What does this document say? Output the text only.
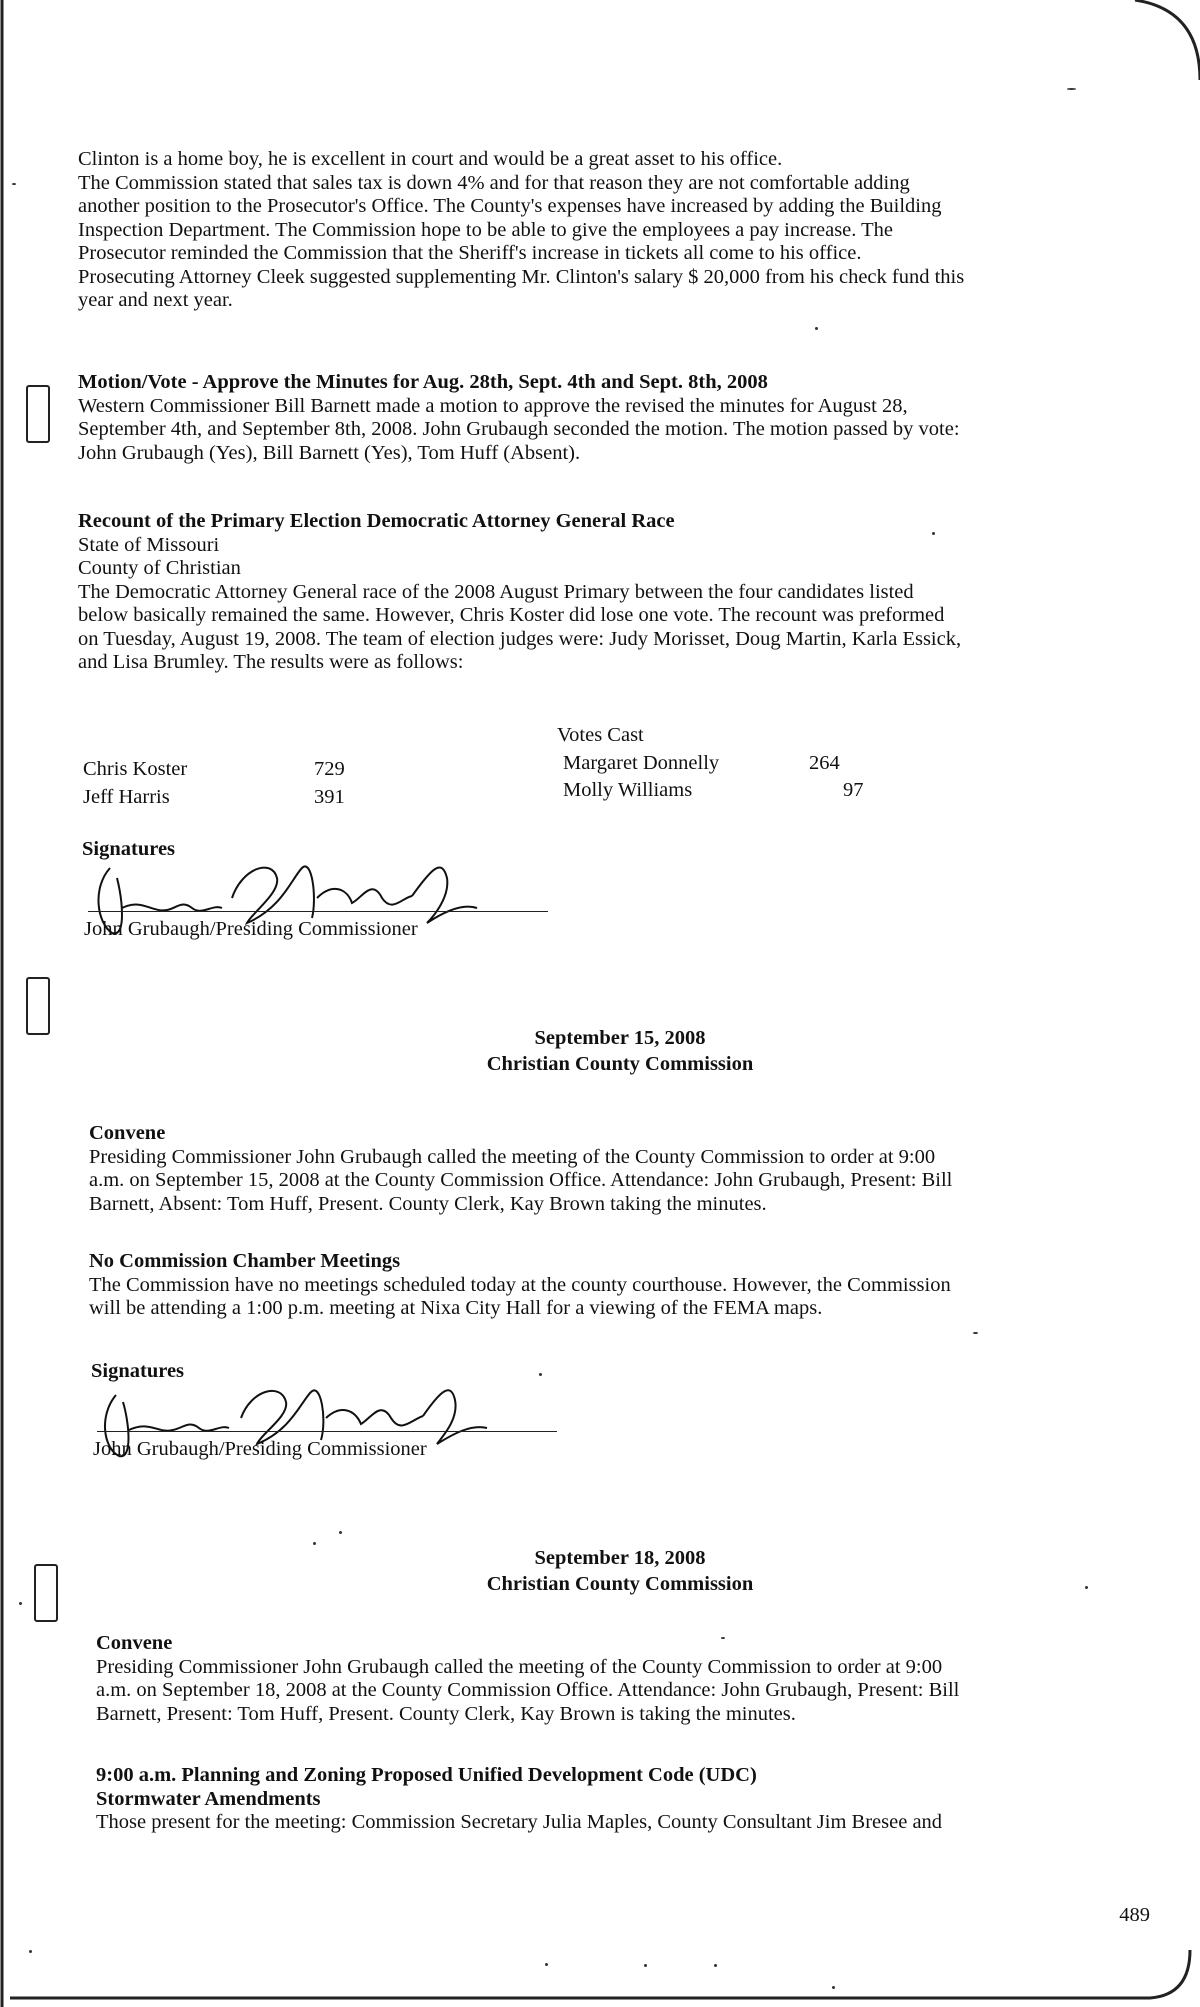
Clinton is a home boy, he is excellent in court and would be a great asset to his office.
The Commission stated that sales tax is down 4% and for that reason they are not comfortable adding
another position to the Prosecutor's Office. The County's expenses have increased by adding the Building
Inspection Department. The Commission hope to be able to give the employees a pay increase. The
Prosecutor reminded the Commission that the Sheriff's increase in tickets all come to his office.
Prosecuting Attorney Cleek suggested supplementing Mr. Clinton's salary $ 20,000 from his check fund this
year and next year.
Motion/Vote - Approve the Minutes for Aug. 28th, Sept. 4th and Sept. 8th, 2008
Western Commissioner Bill Barnett made a motion to approve the revised the minutes for August 28,
September 4th, and September 8th, 2008. John Grubaugh seconded the motion. The motion passed by vote:
John Grubaugh (Yes), Bill Barnett (Yes), Tom Huff (Absent).
Recount of the Primary Election Democratic Attorney General Race
State of Missouri
County of Christian
The Democratic Attorney General race of the 2008 August Primary between the four candidates listed
below basically remained the same. However, Chris Koster did lose one vote. The recount was preformed
on Tuesday, August 19, 2008. The team of election judges were: Judy Morisset, Doug Martin, Karla Essick,
and Lisa Brumley. The results were as follows:
Votes Cast
Chris Koster	729
Jeff Harris	391
Margaret Donnelly	264
Molly Williams	97
Signatures
John Grubaugh/Presiding Commissioner
September 15, 2008
Christian County Commission
Convene
Presiding Commissioner John Grubaugh called the meeting of the County Commission to order at 9:00
a.m. on September 15, 2008 at the County Commission Office. Attendance: John Grubaugh, Present: Bill
Barnett, Absent: Tom Huff, Present. County Clerk, Kay Brown taking the minutes.
No Commission Chamber Meetings
The Commission have no meetings scheduled today at the county courthouse. However, the Commission
will be attending a 1:00 p.m. meeting at Nixa City Hall for a viewing of the FEMA maps.
Signatures
John Grubaugh/Presiding Commissioner
September 18, 2008
Christian County Commission
Convene
Presiding Commissioner John Grubaugh called the meeting of the County Commission to order at 9:00
a.m. on September 18, 2008 at the County Commission Office. Attendance: John Grubaugh, Present: Bill
Barnett, Present: Tom Huff, Present. County Clerk, Kay Brown is taking the minutes.
9:00 a.m. Planning and Zoning Proposed Unified Development Code (UDC)
Stormwater Amendments
Those present for the meeting: Commission Secretary Julia Maples, County Consultant Jim Bresee and
489
